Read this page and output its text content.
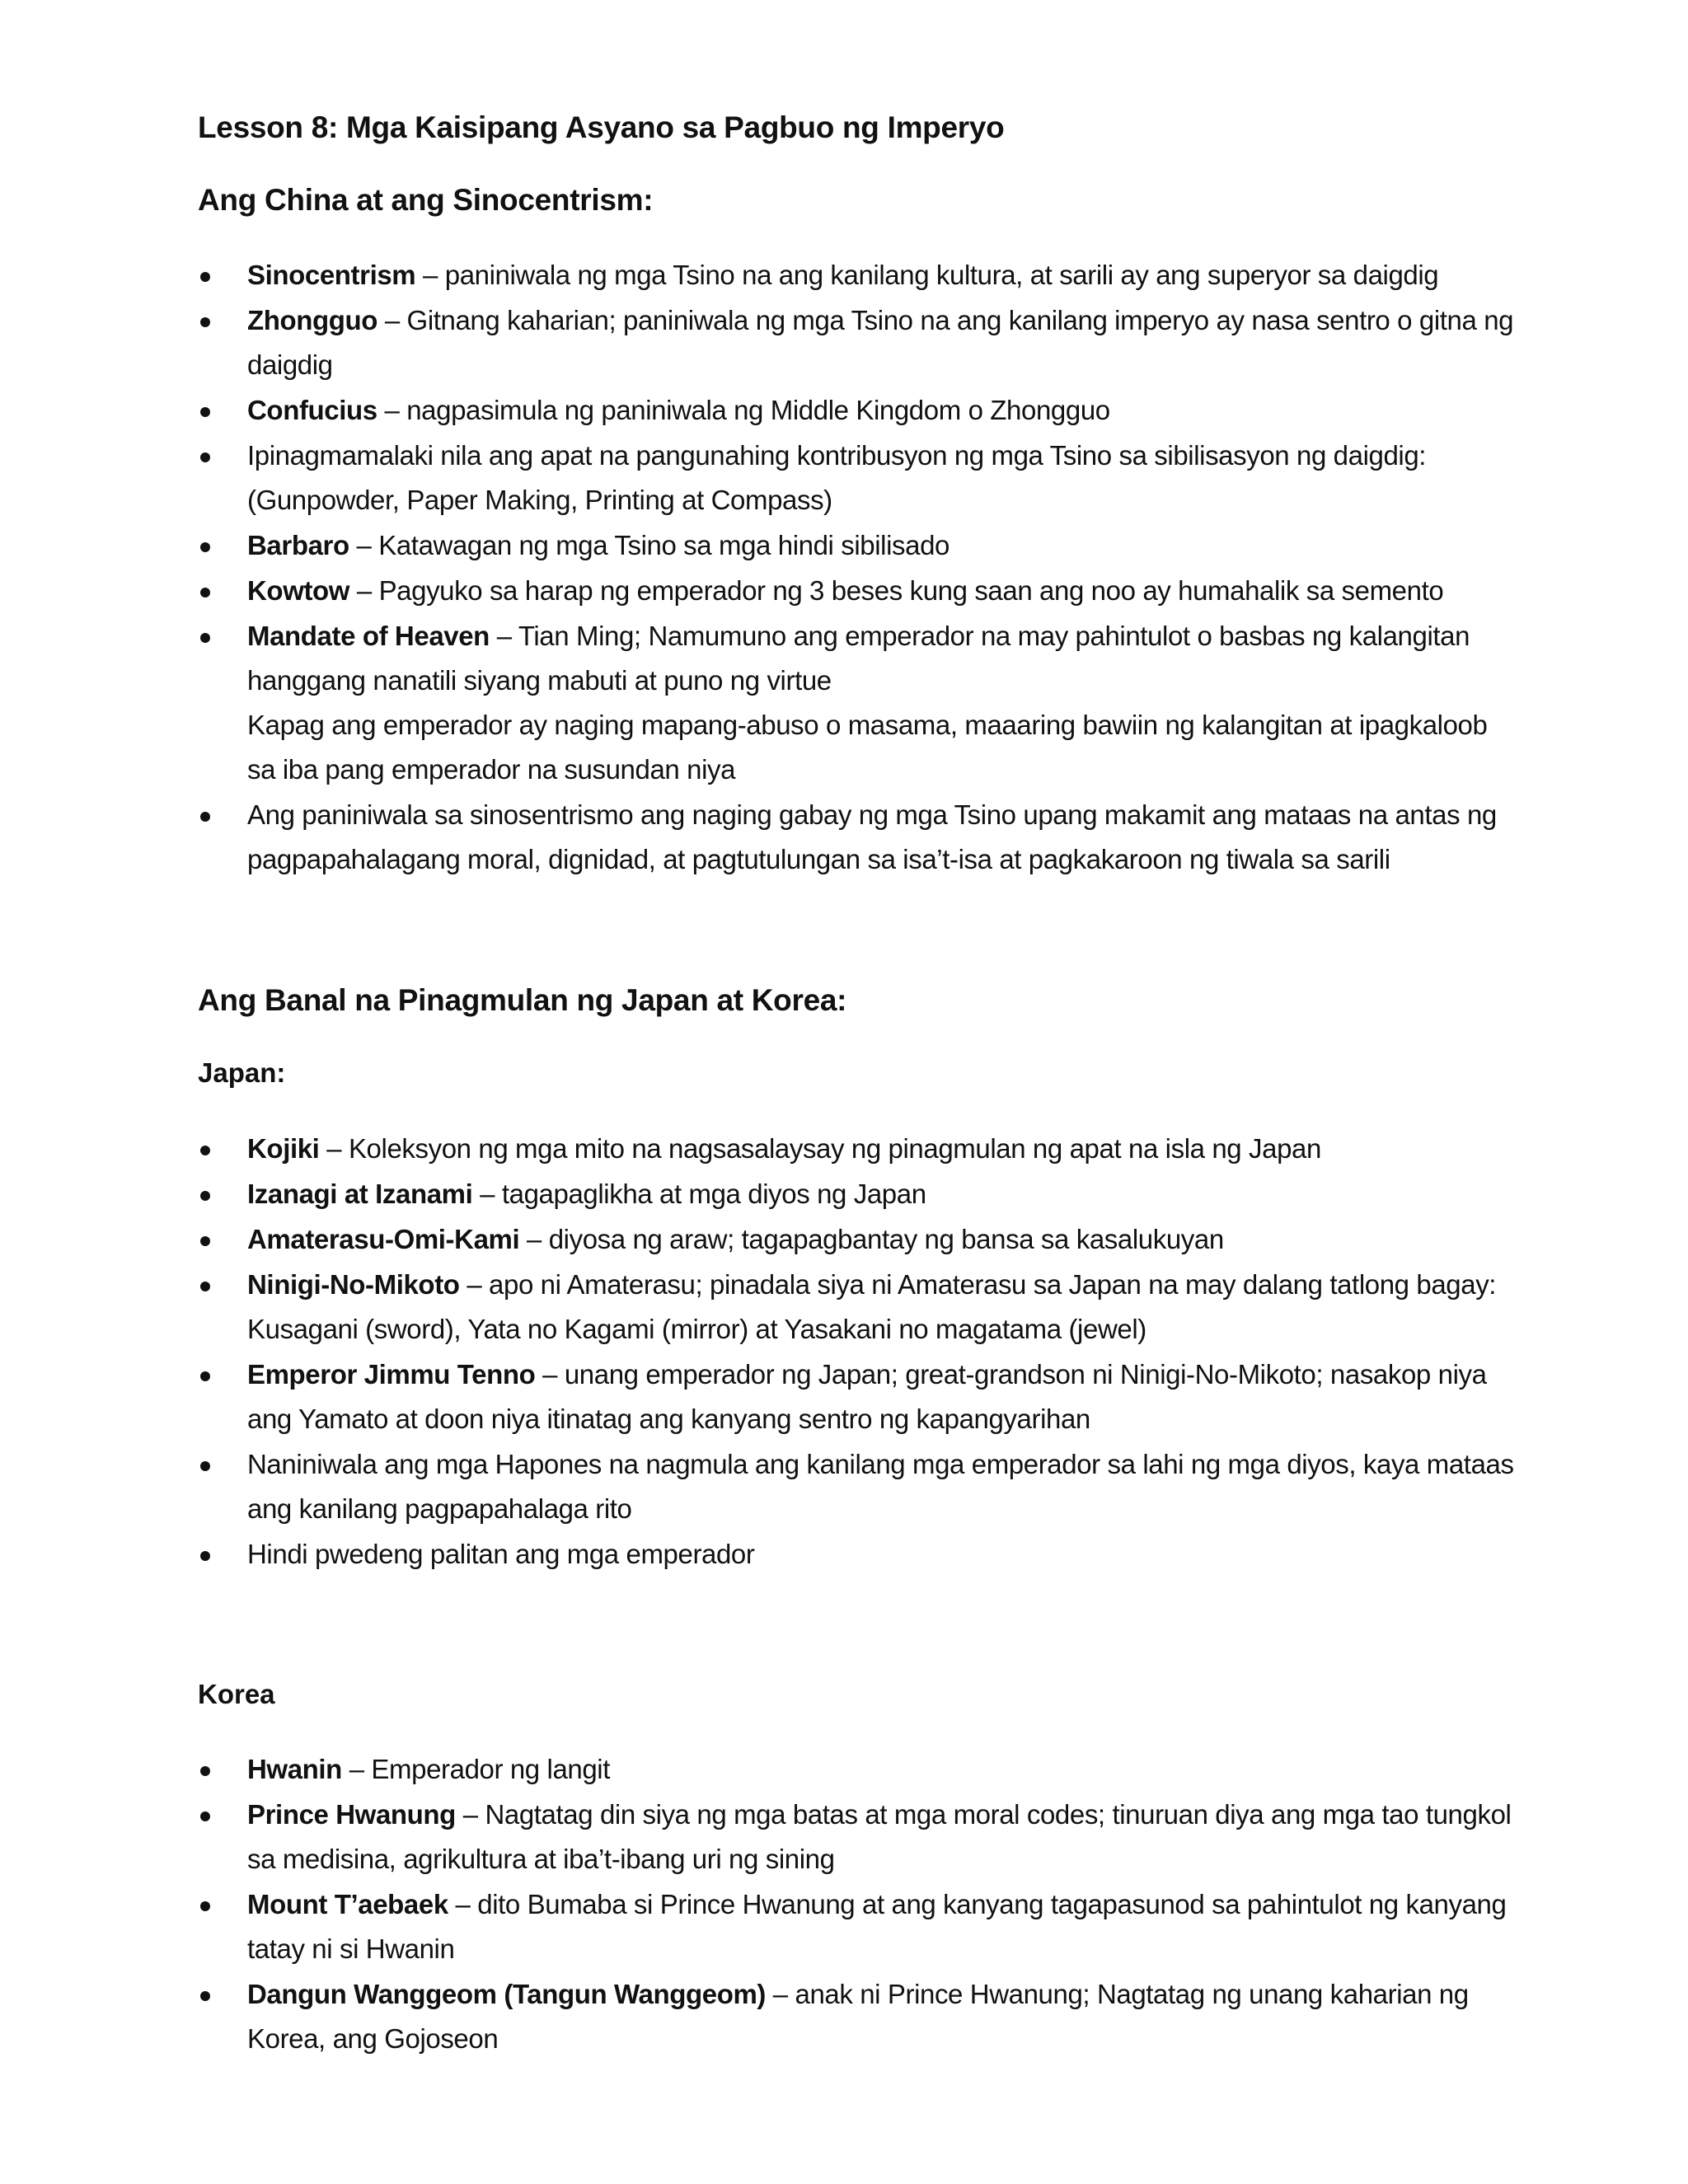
Lesson 8: Mga Kaisipang Asyano sa Pagbuo ng Imperyo
Ang China at ang Sinocentrism:
Sinocentrism – paniniwala ng mga Tsino na ang kanilang kultura, at sarili ay ang superyor sa daigdig
Zhongguo – Gitnang kaharian; paniniwala ng mga Tsino na ang kanilang imperyo ay nasa sentro o gitna ng daigdig
Confucius – nagpasimula ng paniniwala ng Middle Kingdom o Zhongguo
Ipinagmamalaki nila ang apat na pangunahing kontribusyon ng mga Tsino sa sibilisasyon ng daigdig: (Gunpowder, Paper Making, Printing at Compass)
Barbaro – Katawagan ng mga Tsino sa mga hindi sibilisado
Kowtow – Pagyuko sa harap ng emperador ng 3 beses kung saan ang noo ay humahalik sa semento
Mandate of Heaven – Tian Ming; Namumuno ang emperador na may pahintulot o basbas ng kalangitan hanggang nanatili siyang mabuti at puno ng virtue
Kapag ang emperador ay naging mapang-abuso o masama, maaaring bawiin ng kalangitan at ipagkaloob sa iba pang emperador na susundan niya
Ang paniniwala sa sinosentrismo ang naging gabay ng mga Tsino upang makamit ang mataas na antas ng pagpapahalagang moral, dignidad, at pagtutulungan sa isa’t-isa at pagkakaroon ng tiwala sa sarili
Ang Banal na Pinagmulan ng Japan at Korea:
Japan:
Kojiki – Koleksyon ng mga mito na nagsasalaysay ng pinagmulan ng apat na isla ng Japan
Izanagi at Izanami – tagapaglikha at mga diyos ng Japan
Amaterasu-Omi-Kami – diyosa ng araw; tagapagbantay ng bansa sa kasalukuyan
Ninigi-No-Mikoto – apo ni Amaterasu; pinadala siya ni Amaterasu sa Japan na may dalang tatlong bagay: Kusagani (sword), Yata no Kagami (mirror) at Yasakani no magatama (jewel)
Emperor Jimmu Tenno – unang emperador ng Japan; great-grandson ni Ninigi-No-Mikoto; nasakop niya ang Yamato at doon niya itinatag ang kanyang sentro ng kapangyarihan
Naniniwala ang mga Hapones na nagmula ang kanilang mga emperador sa lahi ng mga diyos, kaya mataas ang kanilang pagpapahalaga rito
Hindi pwedeng palitan ang mga emperador
Korea
Hwanin – Emperador ng langit
Prince Hwanung – Nagtatag din siya ng mga batas at mga moral codes; tinuruan diya ang mga tao tungkol sa medisina, agrikultura at iba’t-ibang uri ng sining
Mount T’aebaek – dito Bumaba si Prince Hwanung at ang kanyang tagapasunod sa pahintulot ng kanyang tatay ni si Hwanin
Dangun Wanggeom (Tangun Wanggeom) – anak ni Prince Hwanung; Nagtatag ng unang kaharian ng Korea, ang Gojoseon
